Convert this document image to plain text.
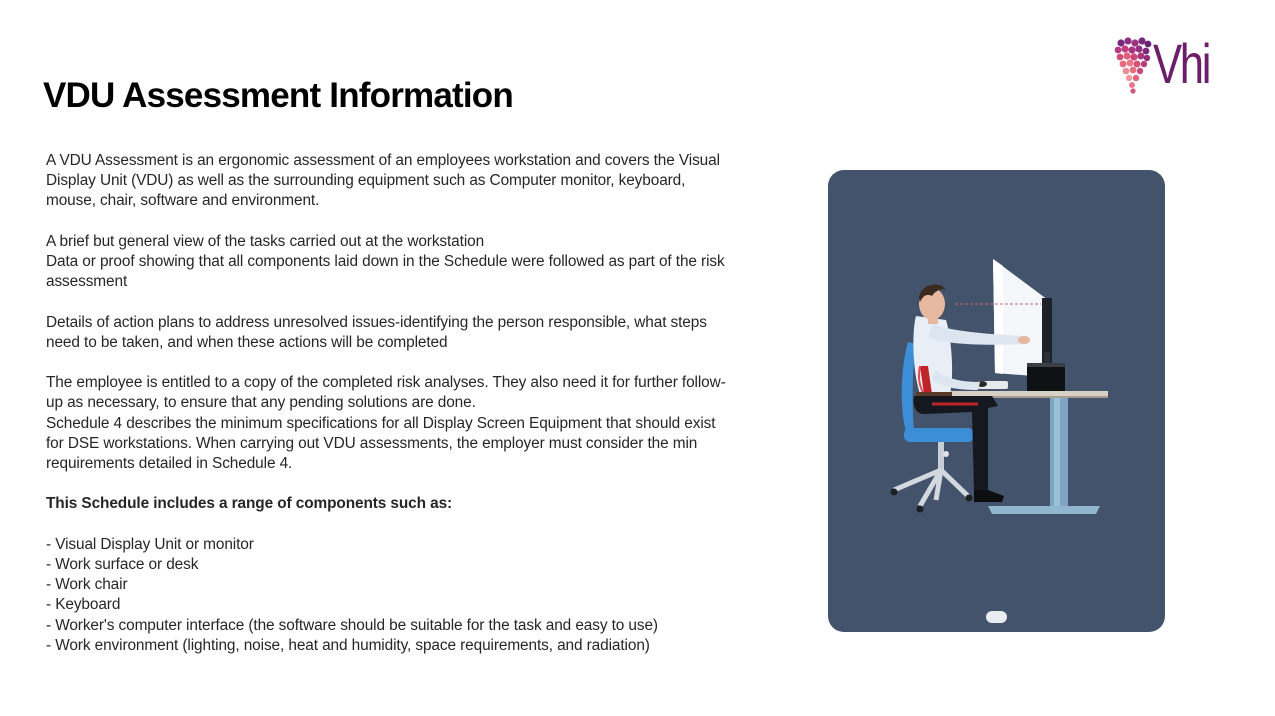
VDU Assessment Information
Vhi

A VDU Assessment is an ergonomic assessment of an employees workstation and covers the Visual Display Unit (VDU) as well as the surrounding equipment such as Computer monitor, keyboard, mouse, chair, software and environment.

A brief but general view of the tasks carried out at the workstation

Data or proof showing that all components laid down in the Schedule were followed as part of the risk assessment

Details of action plans to address unresolved issues-identifying the person responsible, what steps need to be taken, and when these actions will be completed

The employee is entitled to a copy of the completed risk analyses. They also need it for further follow-up as necessary, to ensure that any pending solutions are done.

Schedule 4 describes the minimum specifications for all Display Screen Equipment that should exist for DSE workstations. When carrying out VDU assessments, the employer must consider the min requirements detailed in Schedule 4.

This Schedule includes a range of components such as:

- Visual Display Unit or monitor

- Work surface or desk

- Work chair

- Keyboard

- Worker's computer interface (the software should be suitable for the task and easy to use)

- Work environment (lighting, noise, heat and humidity, space requirements, and radiation)
